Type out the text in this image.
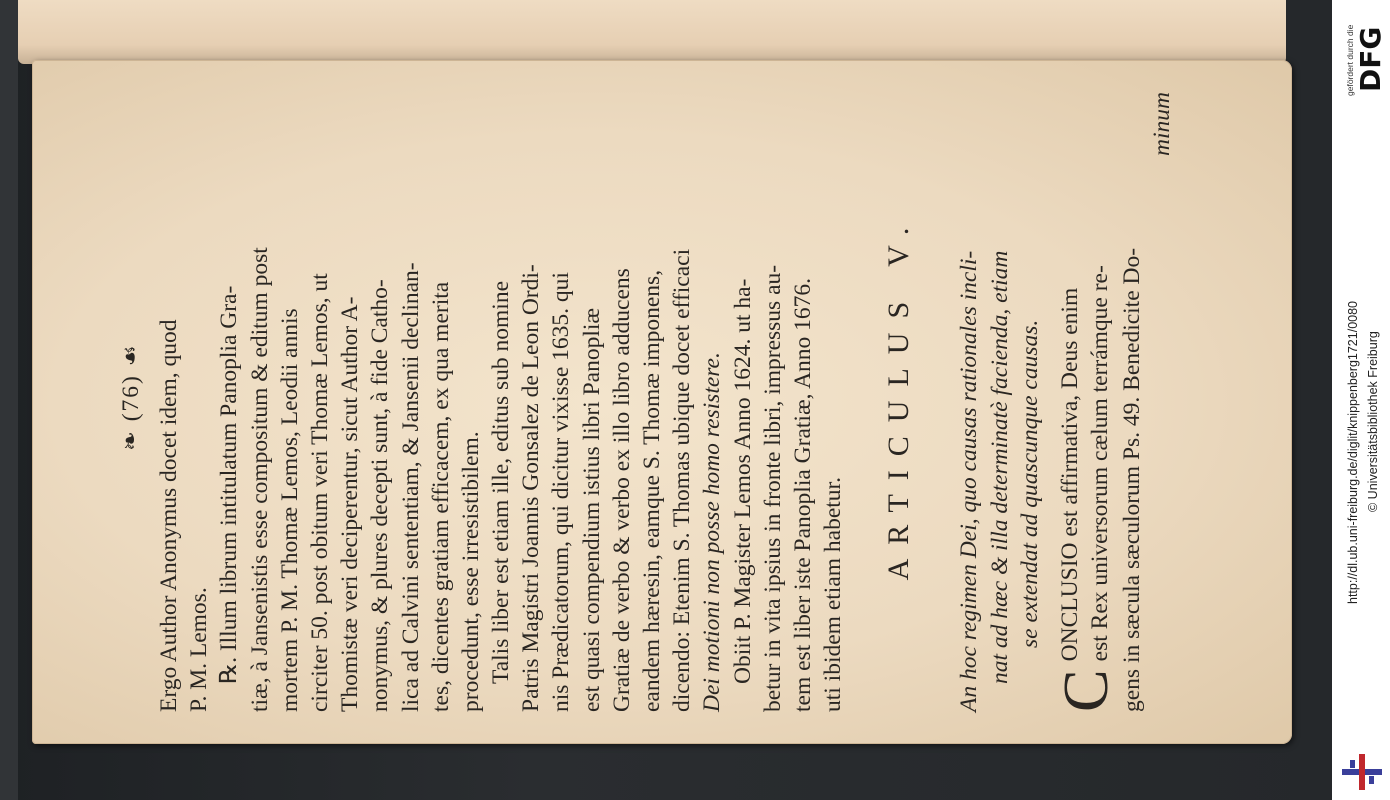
❧ (76) ☙ Ergo Author Anonymus docet idem, quod P. M. Lemos. ℞. Illum librum intitulatum Panoplia Gra- tiæ, à Jansenistis esse compositum & editum post mortem P. M. Thomæ Lemos, Leodii annis circiter 50. post obitum veri Thomæ Lemos, ut Thomistæ veri deciperentur, sicut Author A- nonymus, & plures decepti sunt, à fide Catho- lica ad Calvini sententiam, & Jansenii declinan- tes, dicentes gratiam efficacem, ex qua merita procedunt, esse irresistibilem. Talis liber est etiam ille, editus sub nomine Patris Magistri Joannis Gonsalez de Leon Ordi- nis Prædicatorum, qui dicitur vixisse 1635. qui est quasi compendium istius libri Panopliæ Gratiæ de verbo & verbo ex illo libro adducens eandem hæresin, eamque S. Thomæ imponens, dicendo: Etenim S. Thomas ubique docet efficaci Dei motioni non posse homo resistere. Obiit P. Magister Lemos Anno 1624. ut ha- betur in vita ipsius in fronte libri, impressus au- tem est liber iste Panoplia Gratiæ, Anno 1676. uti ibidem etiam habetur.
ARTICULUS V.	An hoc regimen Dei, quo causas rationales incli- nat ad hæc & illa determinatè facienda, etiam se extendat ad quascunque causas.
C
ONCLUSIO est affirmativa, Deus enim est Rex universorum cælum terrámque re- gens in sæcula sæculorum Ps. 49. Benedicite Do-
minum
gefördert durch die DFG
http://dl.ub.uni-freiburg.de/diglit/knippenberg1721/0080 © Universitätsbibliothek Freiburg
